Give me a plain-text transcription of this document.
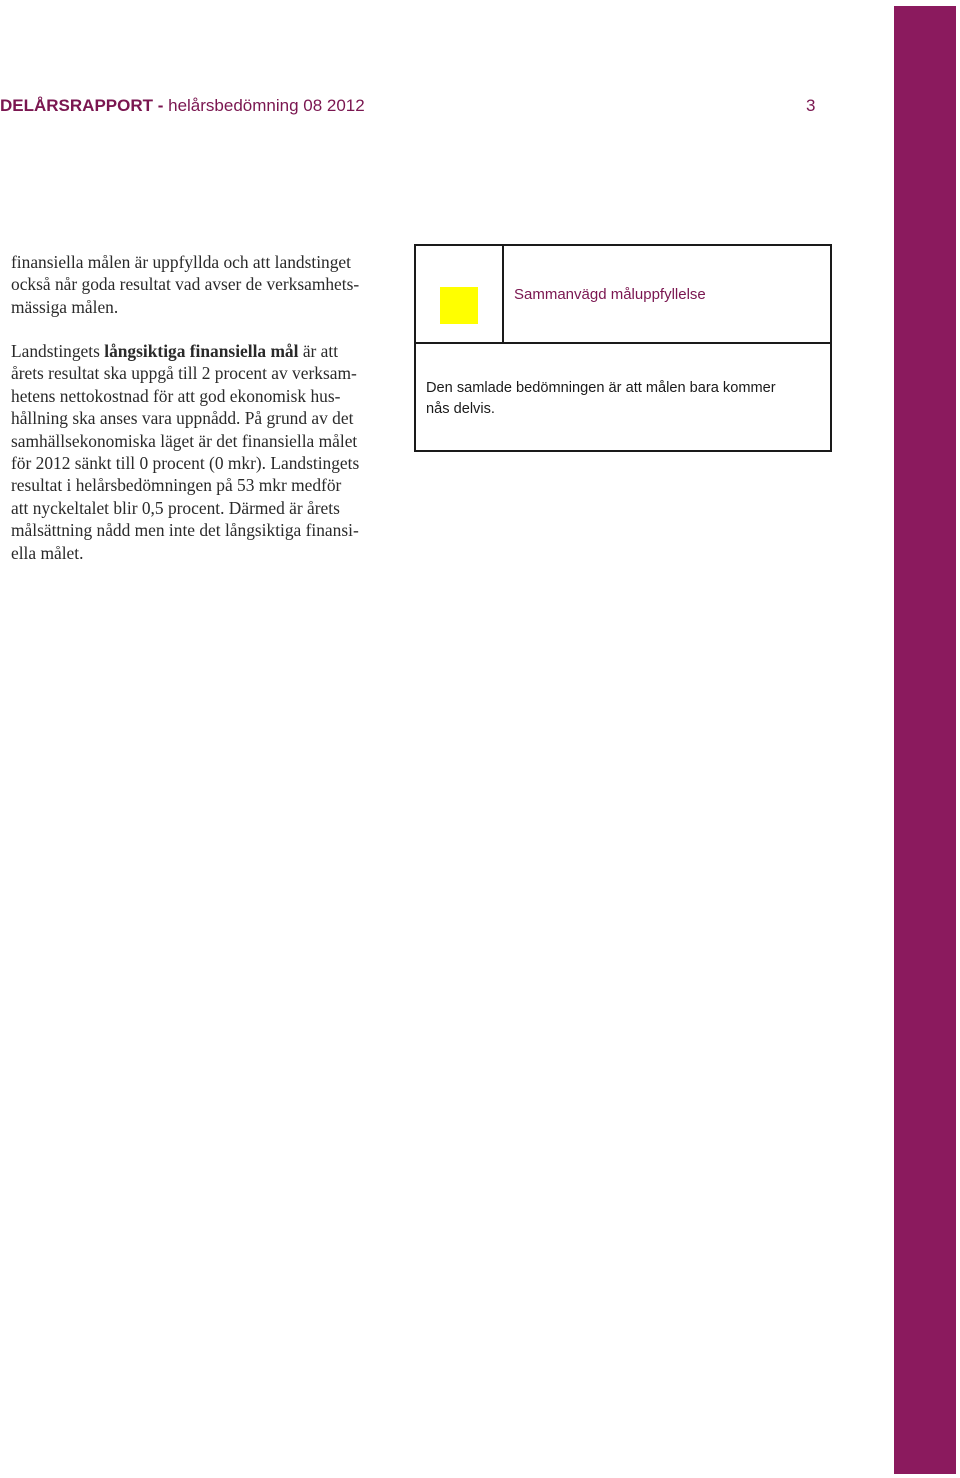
DELÅRSRAPPORT - helårsbedömning 08 2012	3
finansiella målen är uppfyllda och att landstinget
också når goda resultat vad avser de verksamhets-
mässiga målen.
Landstingets långsiktiga finansiella mål är att
årets resultat ska uppgå till 2 procent av verksam-
hetens nettokostnad för att god ekonomisk hus-
hållning ska anses vara uppnådd. På grund av det
samhällsekonomiska läget är det finansiella målet
för 2012 sänkt till 0 procent (0 mkr). Landstingets
resultat i helårsbedömningen på 53 mkr medför
att nyckeltalet blir 0,5 procent. Därmed är årets
målsättning nådd men inte det långsiktiga finansi-
ella målet.
Sammanvägd måluppfyllelse
Den samlade bedömningen är att målen bara kommer
nås delvis.
